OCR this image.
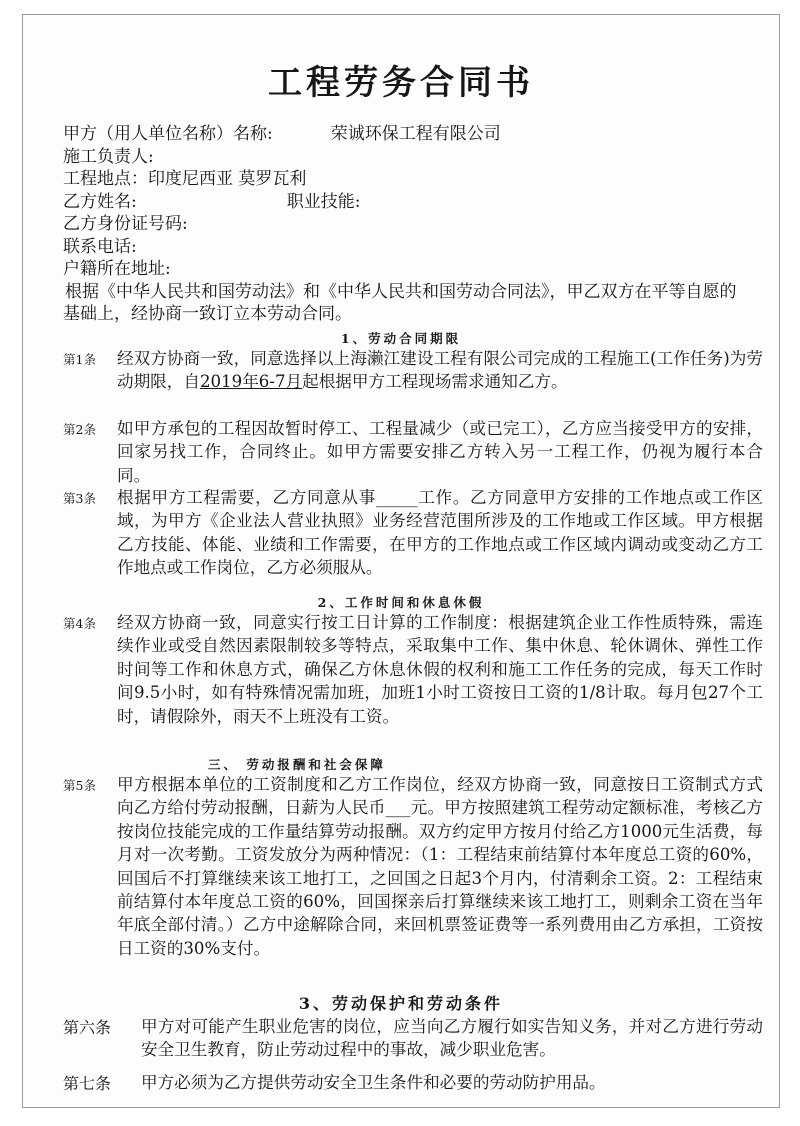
工程劳务合同书
甲方（用人单位名称）名称:	荣诚环保工程有限公司
施工负责人:
工程地点：印度尼西亚 莫罗瓦利
乙方姓名:	职业技能:
乙方身份证号码:
联系电话:
户籍所在地址:
根据《中华人民共和国劳动法》和《中华人民共和国劳动合同法》，甲乙双方在平等自愿的基础上，经协商一致订立本劳动合同。
1、劳动合同期限
第1条	经双方协商一致，同意选择以上海濑江建设工程有限公司完成的工程施工(工作任务)为劳动期限，自2019年6-7月起根据甲方工程现场需求通知乙方。
第2条	如甲方承包的工程因故暂时停工、工程量减少（或已完工），乙方应当接受甲方的安排，回家另找工作，合同终止。如甲方需要安排乙方转入另一工程工作，仍视为履行本合同。
第3条	根据甲方工程需要，乙方同意从事_____工作。乙方同意甲方安排的工作地点或工作区域，为甲方《企业法人营业执照》业务经营范围所涉及的工作地或工作区域。甲方根据乙方技能、体能、业绩和工作需要，在甲方的工作地点或工作区域内调动或变动乙方工作地点或工作岗位，乙方必须服从。
2、工作时间和休息休假
第4条	经双方协商一致，同意实行按工日计算的工作制度：根据建筑企业工作性质特殊，需连续作业或受自然因素限制较多等特点，采取集中工作、集中休息、轮休调休、弹性工作时间等工作和休息方式，确保乙方休息休假的权利和施工工作任务的完成，每天工作时间9.5小时，如有特殊情况需加班，加班1小时工资按日工资的1/8计取。每月包27个工时，请假除外，雨天不上班没有工资。
三、 劳动报酬和社会保障
第5条	甲方根据本单位的工资制度和乙方工作岗位，经双方协商一致，同意按日工资制式方式向乙方给付劳动报酬，日薪为人民币___元。甲方按照建筑工程劳动定额标准，考核乙方按岗位技能完成的工作量结算劳动报酬。双方约定甲方按月付给乙方1000元生活费，每月对一次考勤。工资发放分为两种情况：（1：工程结束前结算付本年度总工资的60%，回国后不打算继续来该工地打工，之回国之日起3个月内，付清剩余工资。2：工程结束前结算付本年度总工资的60%，回国探亲后打算继续来该工地打工，则剩余工资在当年年底全部付清。）乙方中途解除合同，来回机票签证费等一系列费用由乙方承担，工资按日工资的30%支付。
3、劳动保护和劳动条件
第六条	甲方对可能产生职业危害的岗位，应当向乙方履行如实告知义务，并对乙方进行劳动安全卫生教育，防止劳动过程中的事故，减少职业危害。
第七条	甲方必须为乙方提供劳动安全卫生条件和必要的劳动防护用品。
